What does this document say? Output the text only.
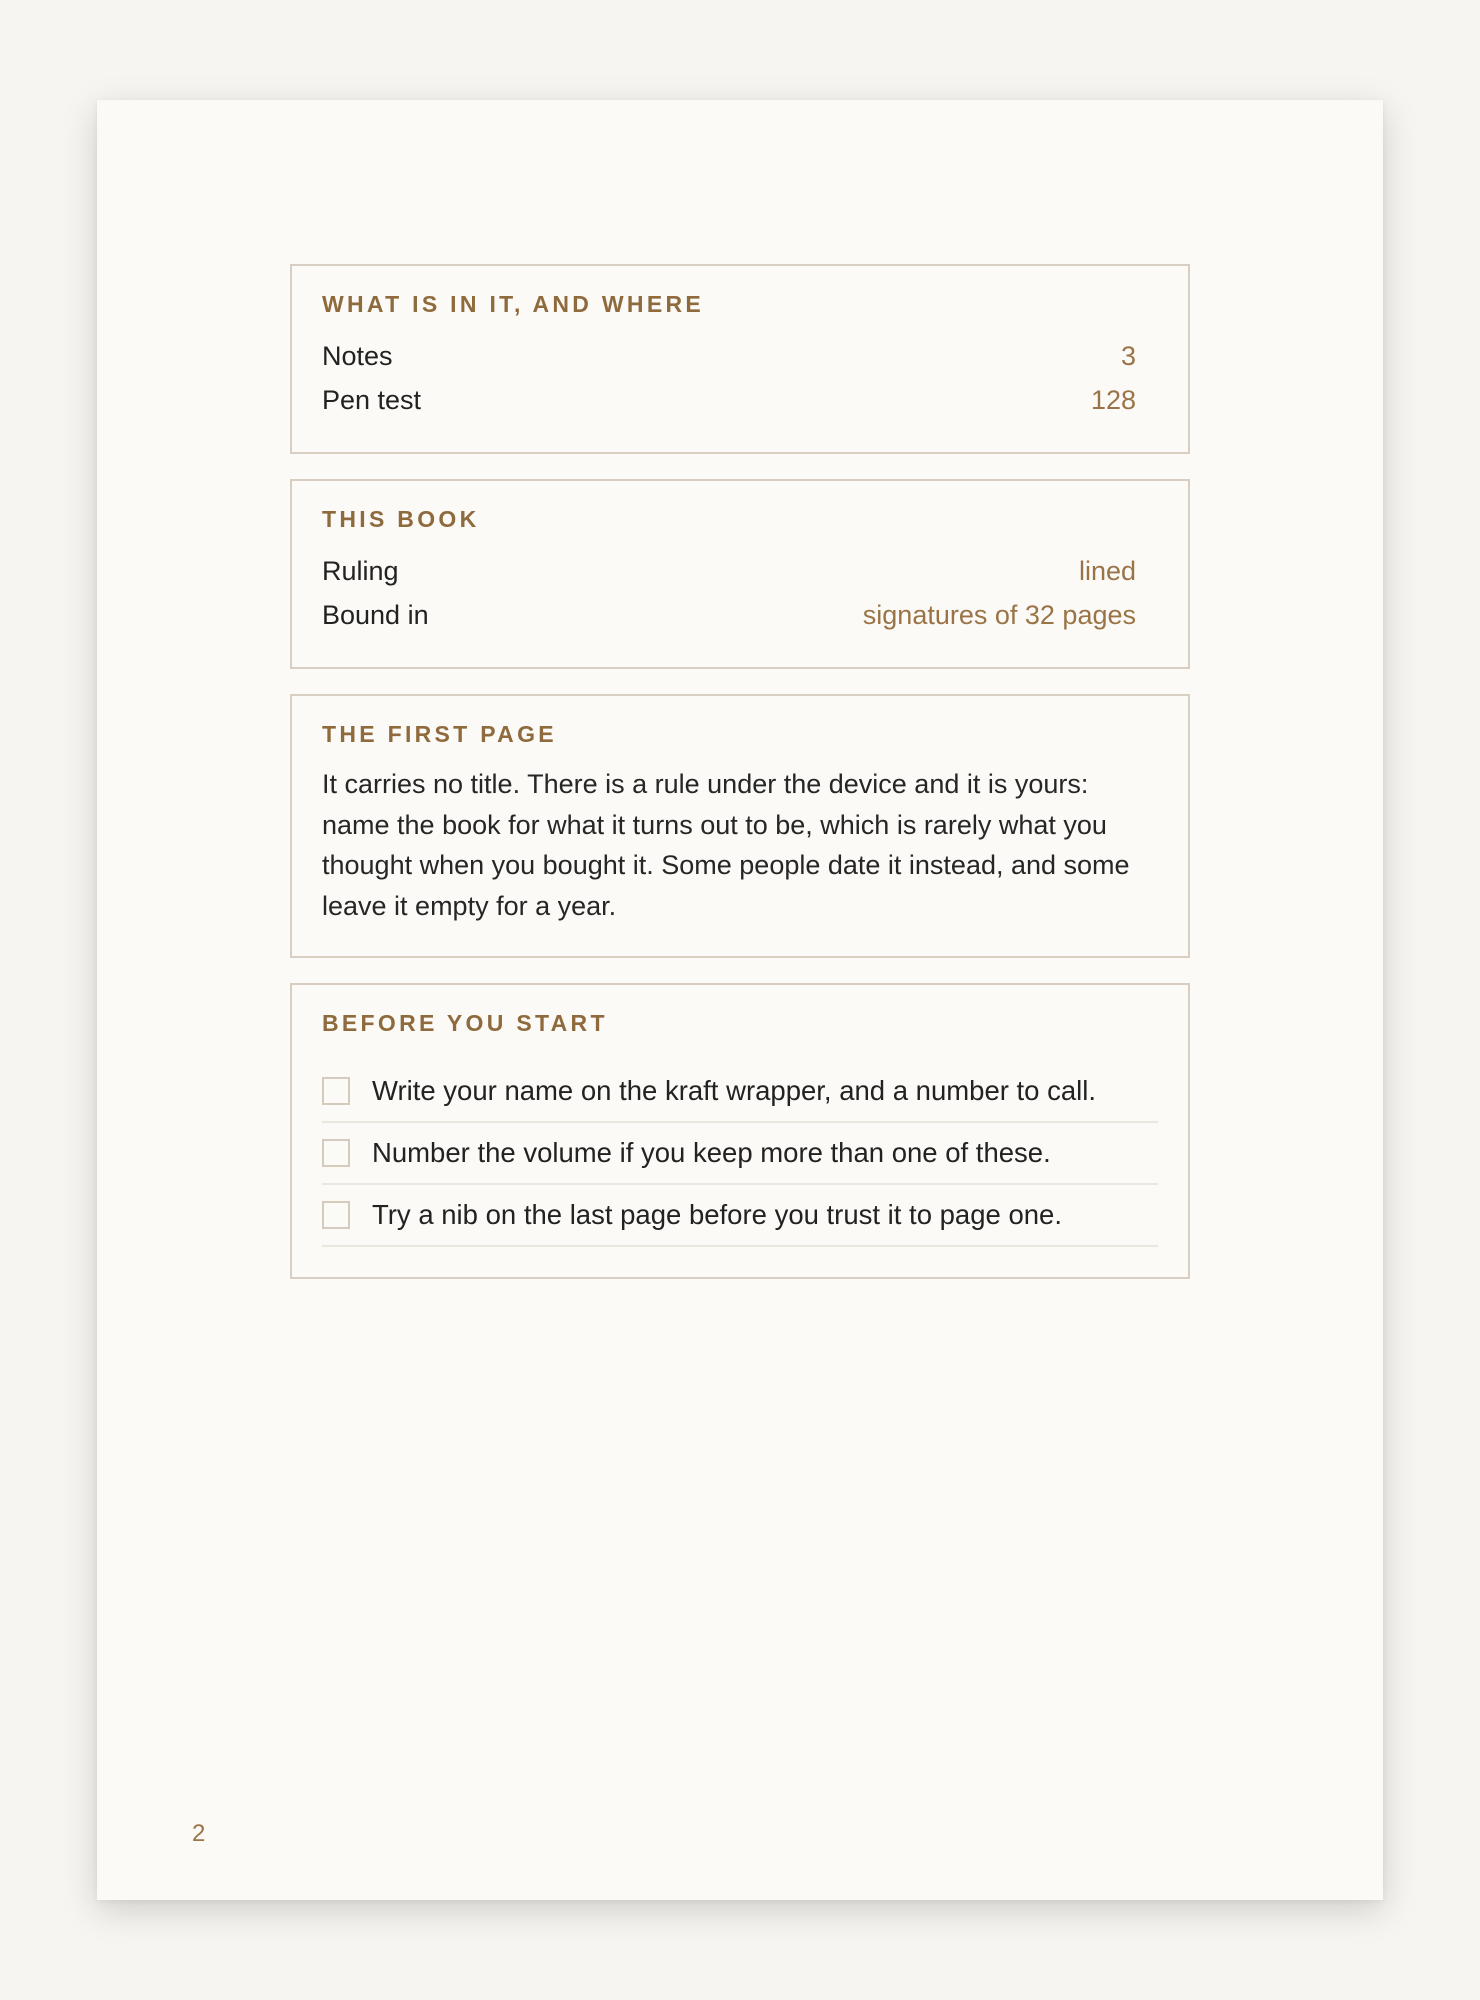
WHAT IS IN IT, AND WHERE
Notes	3
Pen test	128
THIS BOOK
Ruling	lined
Bound in	signatures of 32 pages
THE FIRST PAGE

It carries no title. There is a rule under the device and it is yours: name the book for what it turns out to be, which is rarely what you thought when you bought it. Some people date it instead, and some leave it empty for a year.

BEFORE YOU START
Write your name on the kraft wrapper, and a number to call.
Number the volume if you keep more than one of these.
Try a nib on the last page before you trust it to page one.
2
